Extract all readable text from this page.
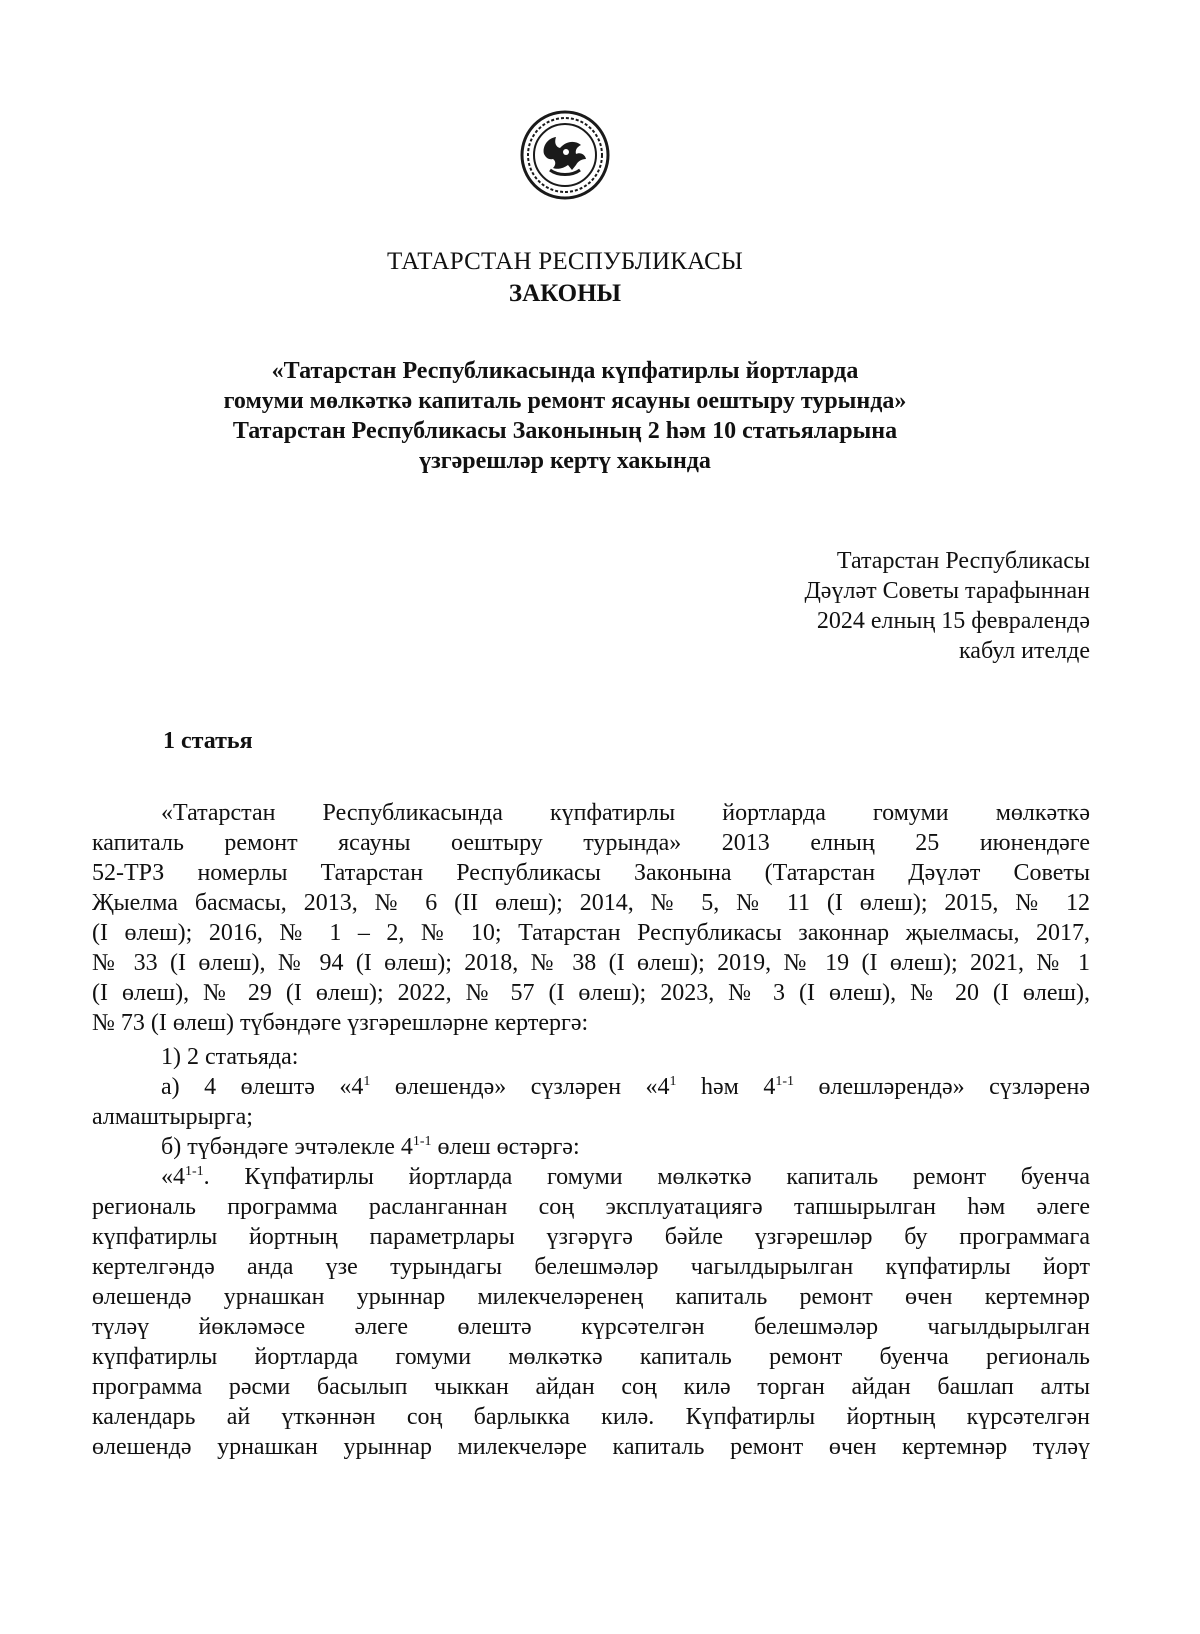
ТАТАРСТАН РЕСПУБЛИКАСЫ
ЗАКОНЫ
«Татарстан Республикасында күпфатирлы йортларда
гомуми мөлкәткә капиталь ремонт ясауны оештыру турында»
Татарстан Республикасы Законының 2 һәм 10 статьяларына
үзгәрешләр кертү хакында
Татарстан Республикасы
Дәүләт Советы тарафыннан
2024 елның 15 февралендә
кабул ителде
1 статья
«Татарстан Республикасында күпфатирлы йортларда гомуми мөлкәткә
капиталь ремонт ясауны оештыру турында» 2013 елның 25 июнендәге
52-ТРЗ номерлы Татарстан Республикасы Законына (Татарстан Дәүләт Советы
Җыелма басмасы, 2013, № 6 (II өлеш); 2014, № 5, № 11 (I өлеш); 2015, № 12
(I өлеш); 2016, № 1 – 2, № 10; Татарстан Республикасы законнар җыелмасы, 2017,
№ 33 (I өлеш), № 94 (I өлеш); 2018, № 38 (I өлеш); 2019, № 19 (I өлеш); 2021, № 1
(I өлеш), № 29 (I өлеш); 2022, № 57 (I өлеш); 2023, № 3 (I өлеш), № 20 (I өлеш),
№ 73 (I өлеш) түбәндәге үзгәрешләрне кертергә:
1) 2 статьяда:
а) 4 өлештә «$4^1$ өлешендә» сүзләрен «$4^1$ һәм 4$^{1-1}$ өлешләрендә» сүзләренә
алмаштырырга;
б) түбәндәге эчтәлекле 4$^{1-1}$ өлеш өстәргә:
«4$^{1-1}$. Күпфатирлы йортларда гомуми мөлкәткә капиталь ремонт буенча
региональ программа расланганнан соң эксплуатациягә тапшырылган һәм әлеге
күпфатирлы йортның параметрлары үзгәрүгә бәйле үзгәрешләр бу программага
кертелгәндә анда үзе турындагы белешмәләр чагылдырылган күпфатирлы йорт
өлешендә урнашкан урыннар милекчеләренең капиталь ремонт өчен кертемнәр
түләү йөкләмәсе әлеге өлештә күрсәтелгән белешмәләр чагылдырылган
күпфатирлы йортларда гомуми мөлкәткә капиталь ремонт буенча региональ
программа рәсми басылып чыккан айдан соң килә торган айдан башлап алты
календарь ай үткәннән соң барлыкка килә. Күпфатирлы йортның күрсәтелгән
өлешендә урнашкан урыннар милекчеләре капиталь ремонт өчен кертемнәр түләү
